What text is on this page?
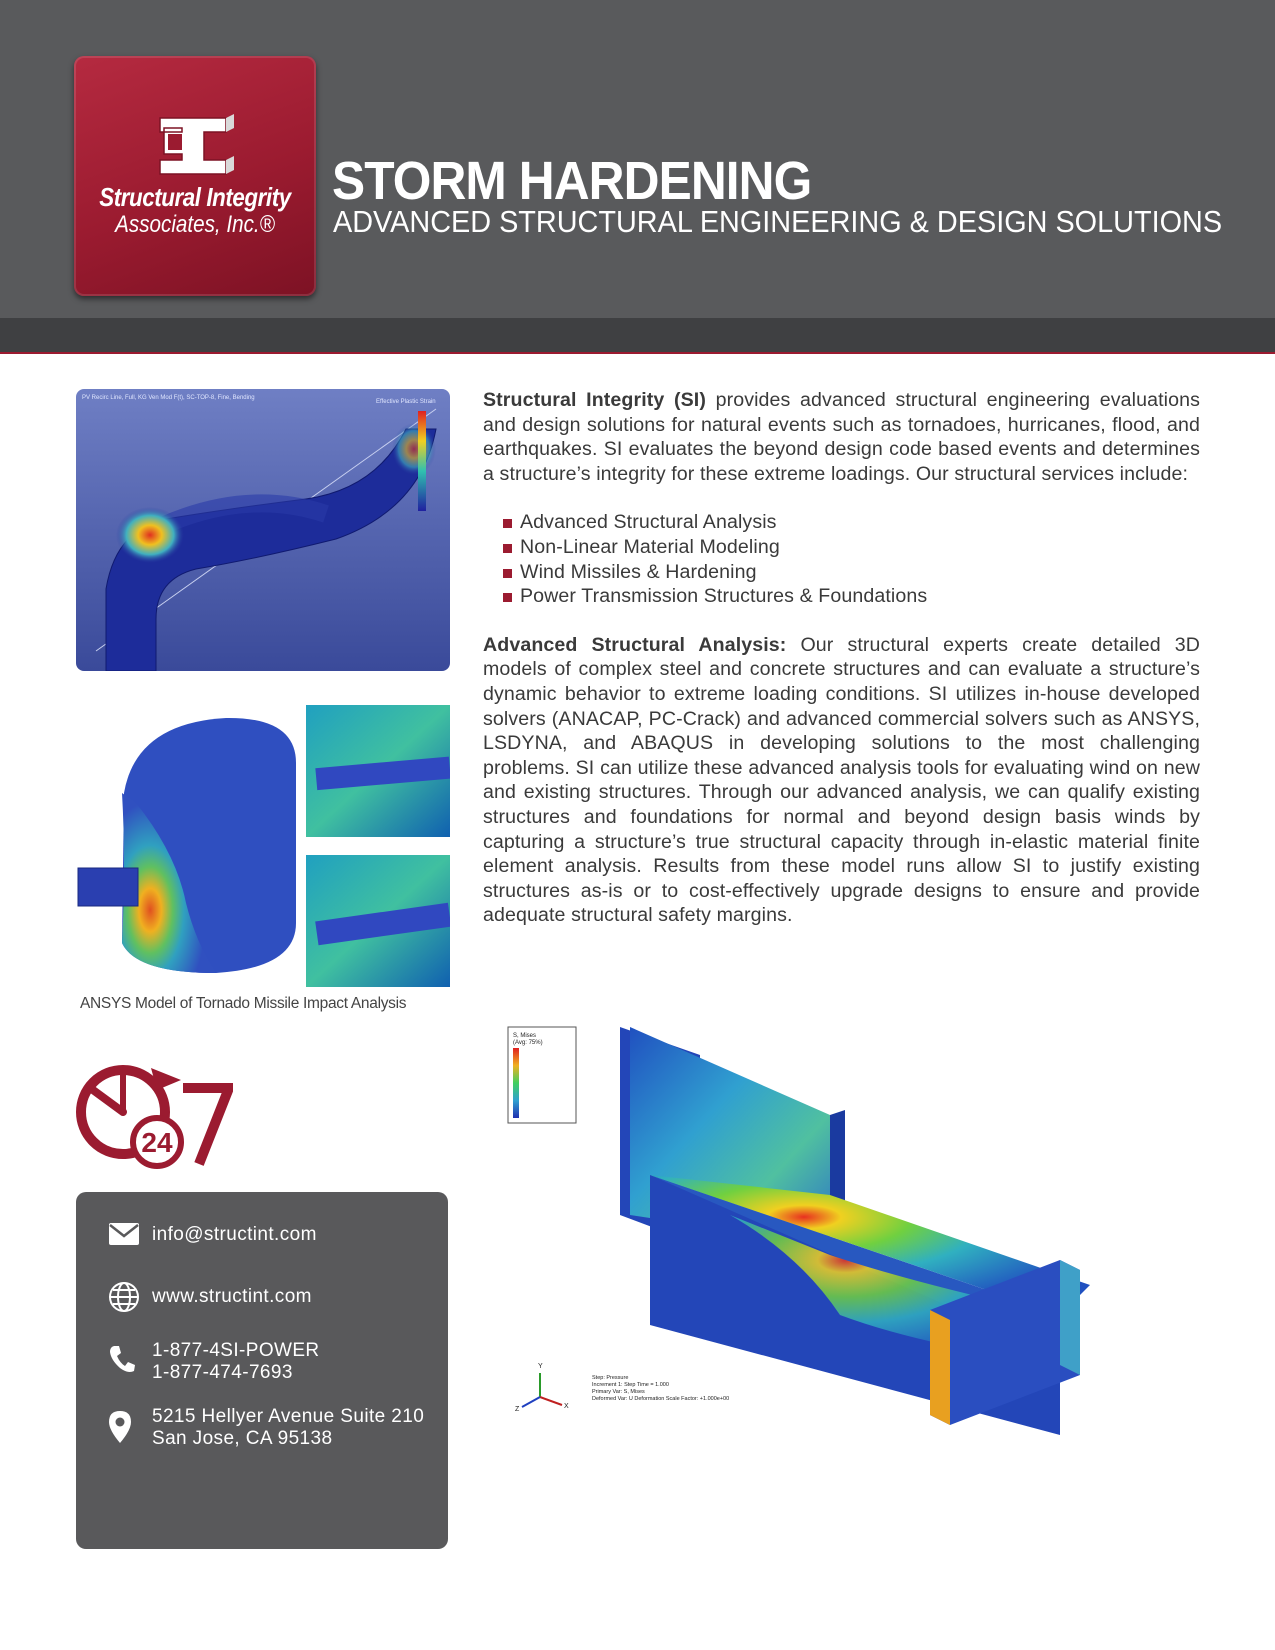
Structural Integrity
Associates, Inc.®
STORM HARDENING
ADVANCED STRUCTURAL ENGINEERING & DESIGN SOLUTIONS
PV Recirc Line, Full, KG Ven Mod F(t), SC-TOP-8, Fine, Bending
Effective Plastic Strain
ANSYS Model of Tornado Missile Impact Analysis
24
info@structint.com
www.structint.com
1-877-4SI-POWER
1-877-474-7693
5215 Hellyer Avenue Suite 210
San Jose, CA 95138

Structural Integrity (SI) provides advanced structural engineering evaluations and design solutions for natural events such as tornadoes, hurricanes, flood, and earthquakes. SI evaluates the beyond design code based events and determines a structure’s integrity for these extreme loadings. Our structural services include:

Advanced Structural Analysis
Non-Linear Material Modeling
Wind Missiles & Hardening
Power Transmission Structures & Foundations

Advanced Structural Analysis: Our structural experts create detailed 3D models of complex steel and concrete structures and can evaluate a structure’s dynamic behavior to extreme loading conditions. SI utilizes in-house developed solvers (ANACAP, PC-Crack) and advanced commercial solvers such as ANSYS, LSDYNA, and ABAQUS in developing solutions to the most challenging problems. SI can utilize these advanced analysis tools for evaluating wind on new and existing structures. Through our advanced analysis, we can qualify existing structures and foundations for normal and beyond design basis winds by capturing a structure’s true structural capacity through in-elastic material finite element analysis. Results from these model runs allow SI to justify existing structures as-is or to cost-effectively upgrade designs to ensure and provide adequate structural safety margins.

S, Mises
(Avg: 75%)
Y
X
Z
Step: Pressure
Increment 1: Step Time = 1.000
Primary Var: S, Mises
Deformed Var: U Deformation Scale Factor: +1.000e+00
